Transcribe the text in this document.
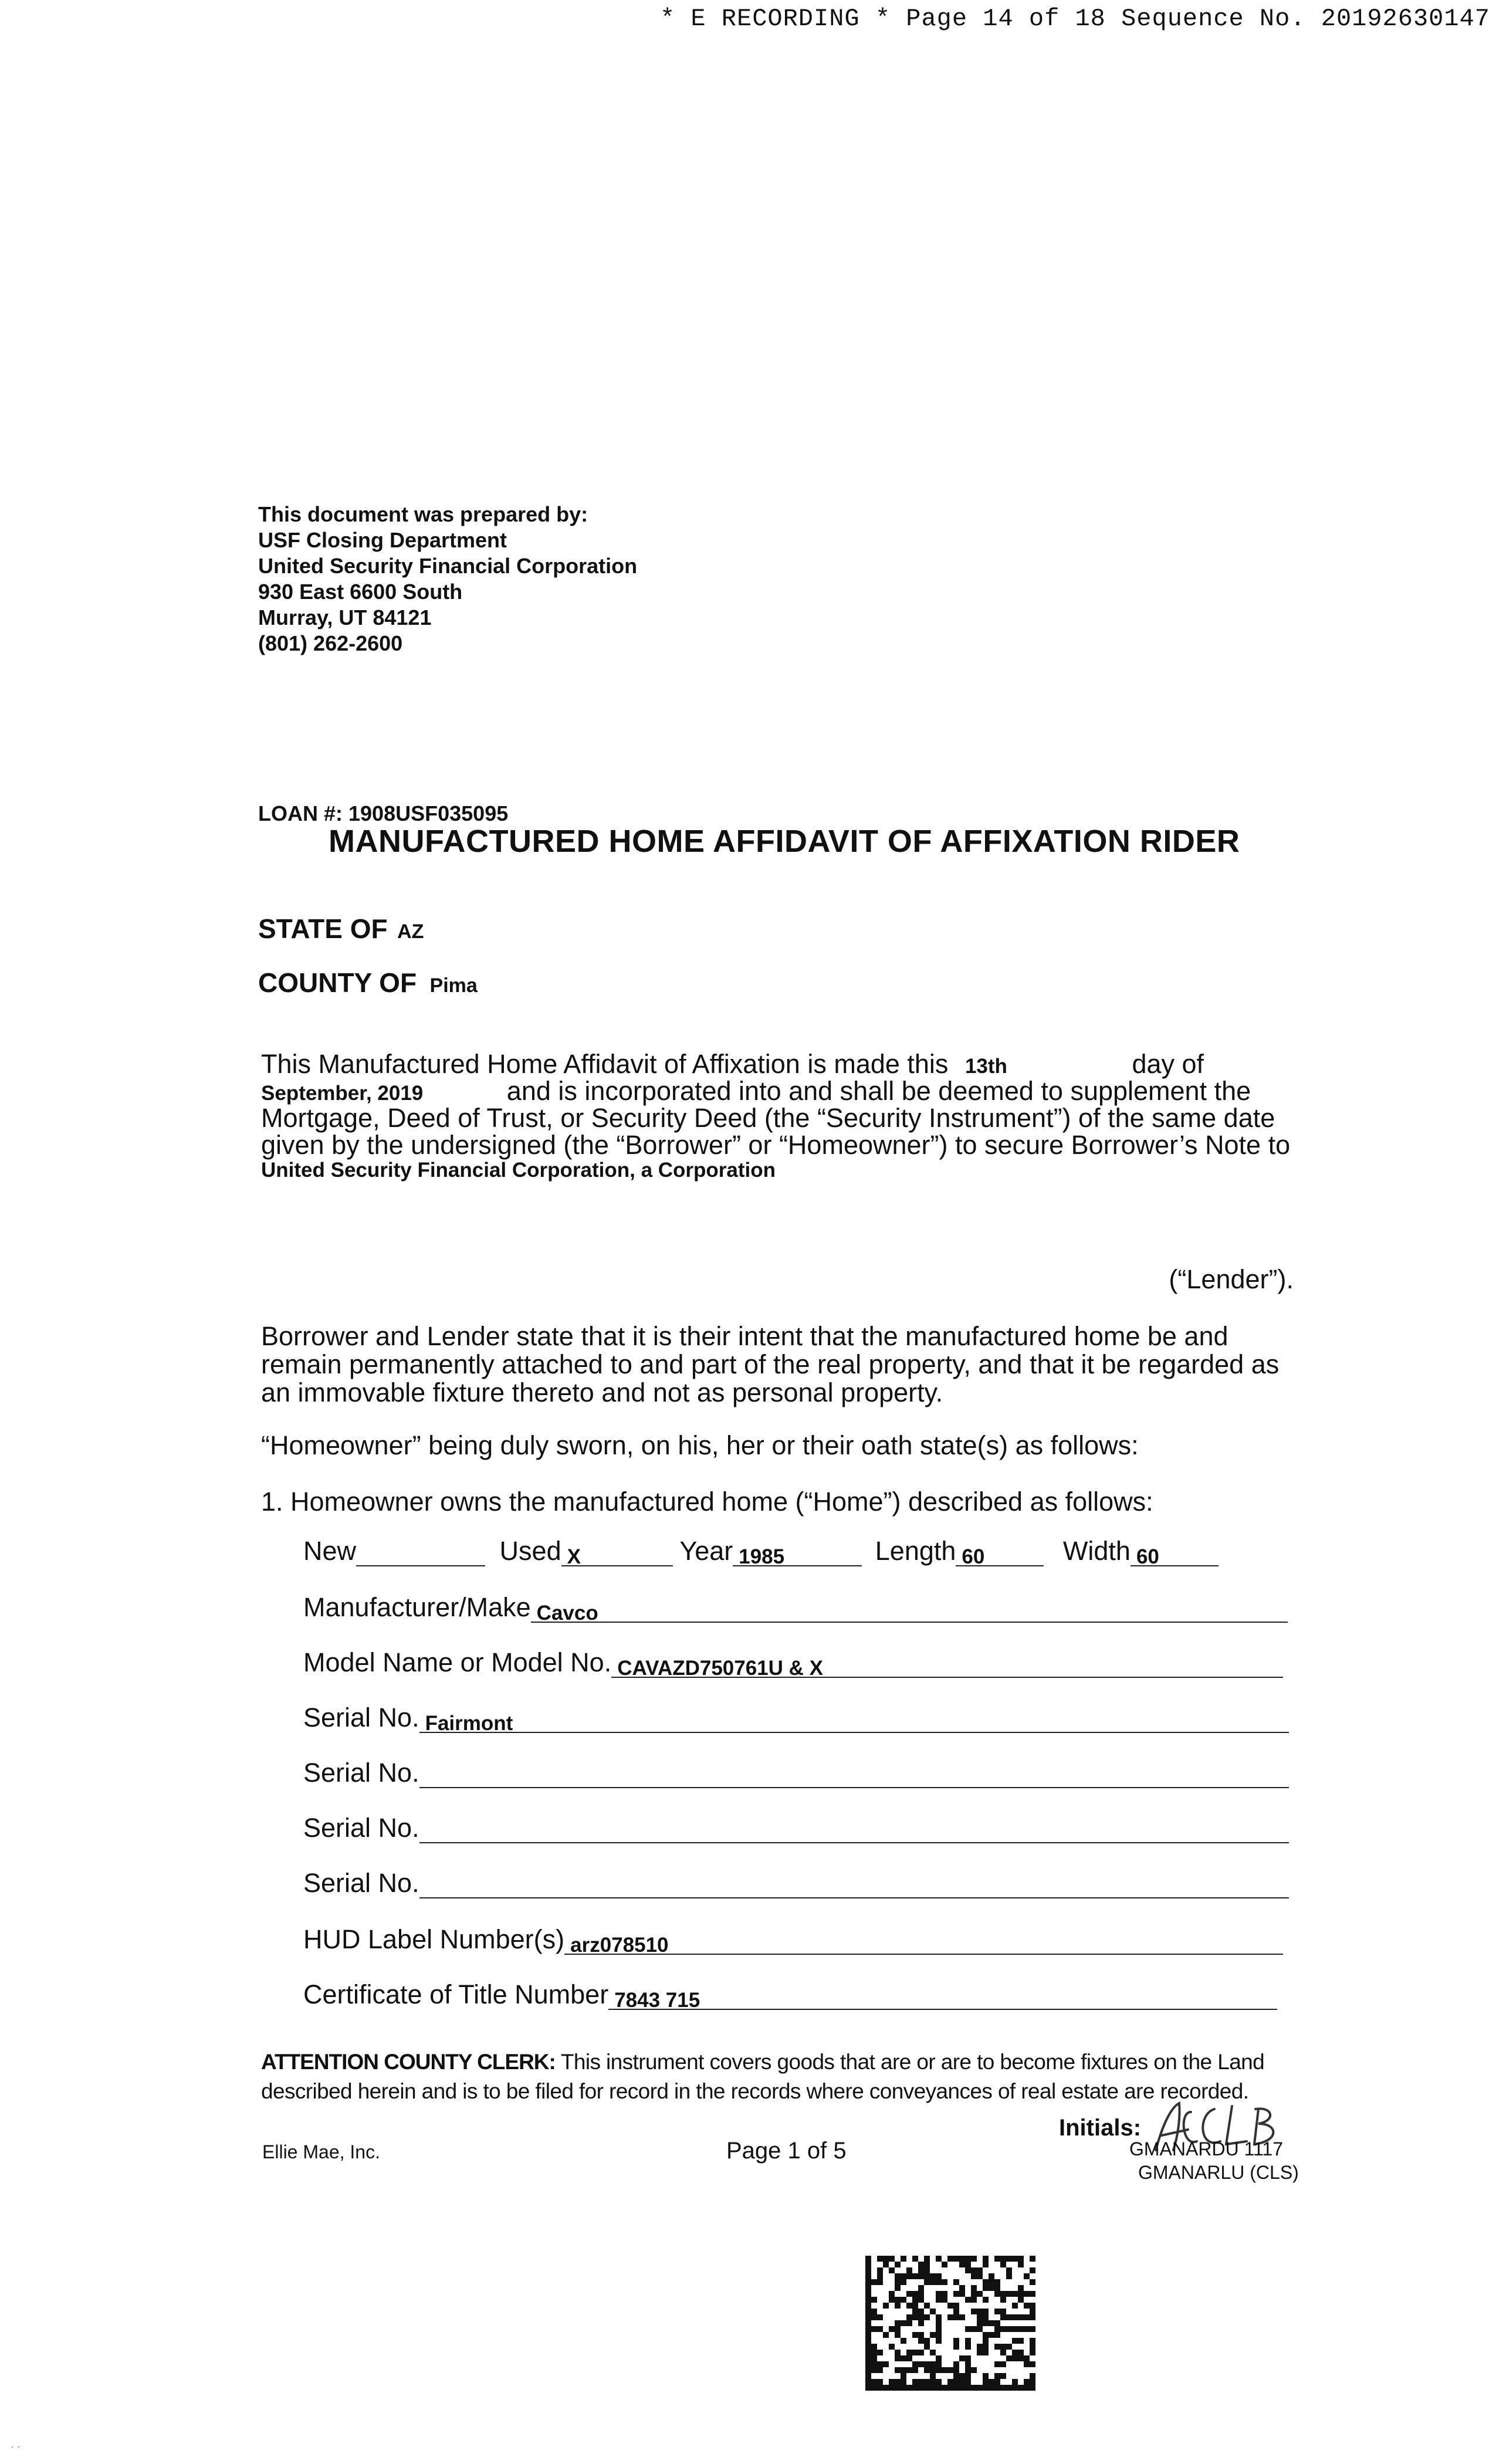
* E RECORDING * Page 14 of 18 Sequence No. 20192630147
This document was prepared by:
USF Closing Department
United Security Financial Corporation
930 East 6600 South
Murray, UT 84121
(801) 262-2600
LOAN #: 1908USF035095
MANUFACTURED HOME AFFIDAVIT OF AFFIXATION RIDER
STATE OF AZ
COUNTY OF Pima
This Manufactured Home Affidavit of Affixation is made this 13th	day of
September, 2019	and is incorporated into and shall be deemed to supplement the
Mortgage, Deed of Trust, or Security Deed (the “Security Instrument”) of the same date
given by the undersigned (the “Borrower” or “Homeowner”) to secure Borrower’s Note to
United Security Financial Corporation, a Corporation
(“Lender”).
Borrower and Lender state that it is their intent that the manufactured home be and remain permanently attached to and part of the real property, and that it be regarded as an immovable fixture thereto and not as personal property.
“Homeowner” being duly sworn, on his, her or their oath state(s) as follows:
1. Homeowner owns the manufactured home (“Home”) described as follows:
New	Used X	Year 1985	Length 60	Width 60
Manufacturer/Make Cavco
Model Name or Model No. CAVAZD750761U & X
Serial No. Fairmont
Serial No.
Serial No.
Serial No.
HUD Label Number(s) arz078510
Certificate of Title Number 7843 715
ATTENTION COUNTY CLERK: This instrument covers goods that are or are to become fixtures on the Land described herein and is to be filed for record in the records where conveyances of real estate are recorded.
Ellie Mae, Inc.	Page 1 of 5
Initials:
GMANARDU 1117
GMANARLU (CLS)
· ·
